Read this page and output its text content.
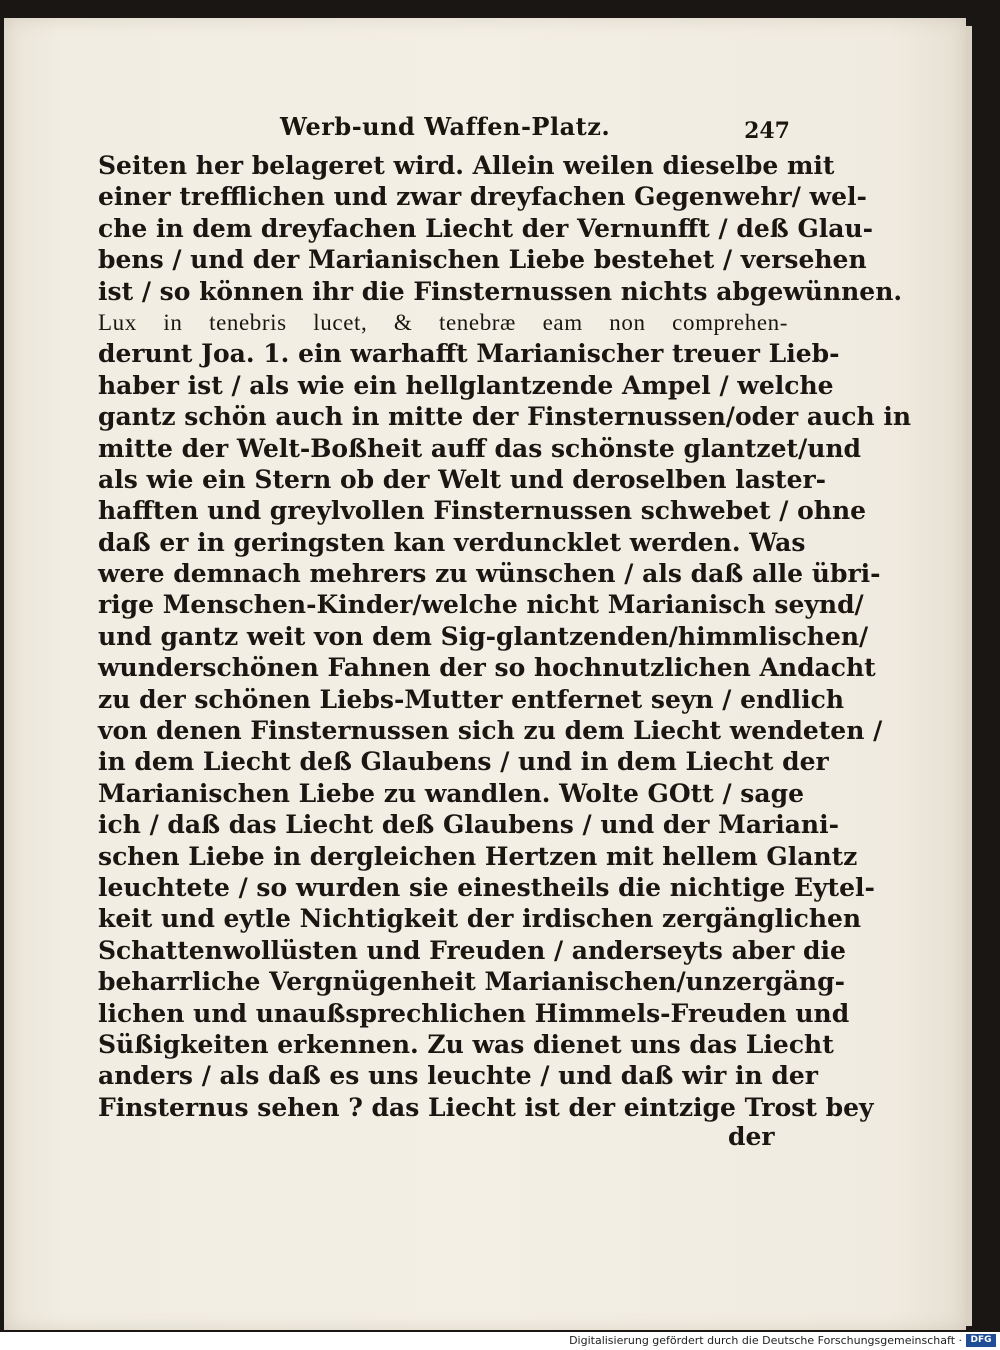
Werb-und Waffen-Platz.	247
Seiten her belageret wird. Allein weilen dieselbe mit
einer trefflichen und zwar dreyfachen Gegenwehr/ wel-
che in dem dreyfachen Liecht der Vernunfft / deß Glau-
bens / und der Marianischen Liebe bestehet / versehen
ist / so können ihr die Finsternussen nichts abgewünnen.
Lux in tenebris lucet, & tenebræ eam non comprehen-
derunt Joa. 1. ein warhafft Marianischer treuer Lieb-
haber ist / als wie ein hellglantzende Ampel / welche
gantz schön auch in mitte der Finsternussen/oder auch in
mitte der Welt-Boßheit auff das schönste glantzet/und
als wie ein Stern ob der Welt und deroselben laster-
hafften und greylvollen Finsternussen schwebet / ohne
daß er in geringsten kan verduncklet werden. Was
were demnach mehrers zu wünschen / als daß alle übri-
rige Menschen-Kinder/welche nicht Marianisch seynd/
und gantz weit von dem Sig-glantzenden/himmlischen/
wunderschönen Fahnen der so hochnutzlichen Andacht
zu der schönen Liebs-Mutter entfernet seyn / endlich
von denen Finsternussen sich zu dem Liecht wendeten /
in dem Liecht deß Glaubens / und in dem Liecht der
Marianischen Liebe zu wandlen. Wolte GOtt / sage
ich / daß das Liecht deß Glaubens / und der Mariani-
schen Liebe in dergleichen Hertzen mit hellem Glantz
leuchtete / so wurden sie einestheils die nichtige Eytel-
keit und eytle Nichtigkeit der irdischen zergänglichen
Schattenwollüsten und Freuden / anderseyts aber die
beharrliche Vergnügenheit Marianischen/unzergäng-
lichen und unaußsprechlichen Himmels-Freuden und
Süßigkeiten erkennen. Zu was dienet uns das Liecht
anders / als daß es uns leuchte / und daß wir in der
Finsternus sehen ? das Liecht ist der eintzige Trost bey
der
Digitalisierung gefördert durch die Deutsche Forschungsgemeinschaft · DFG
